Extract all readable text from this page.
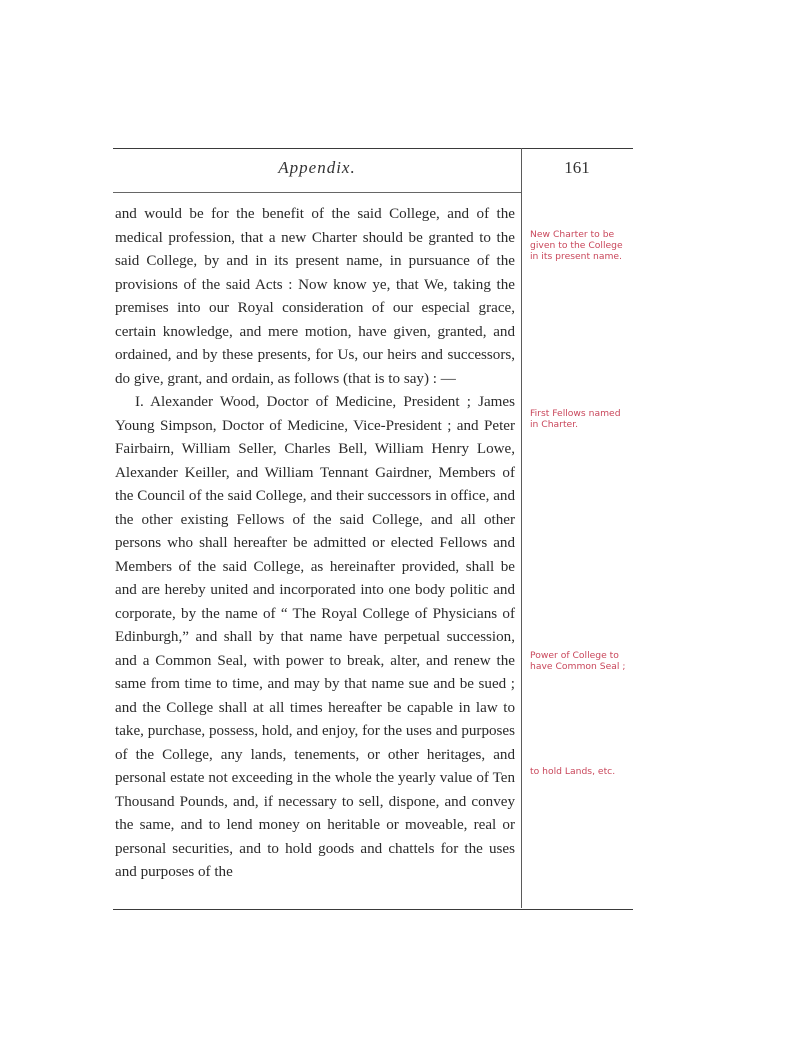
Appendix.	161

and would be for the benefit of the said College, and of the medical profession, that a new Charter should be granted to the said College, by and in its present name, in pursuance of the provisions of the said Acts : Now know ye, that We, taking the premises into our Royal consideration of our especial grace, certain knowledge, and mere motion, have given, granted, and ordained, and by these presents, for Us, our heirs and successors, do give, grant, and ordain, as follows (that is to say) : —

I. Alexander Wood, Doctor of Medicine, President ; James Young Simpson, Doctor of Medicine, Vice-President ; and Peter Fairbairn, William Seller, Charles Bell, William Henry Lowe, Alexander Keiller, and William Tennant Gairdner, Members of the Council of the said College, and their successors in office, and the other existing Fellows of the said College, and all other persons who shall hereafter be admitted or elected Fellows and Members of the said College, as hereinafter provided, shall be and are hereby united and incorporated into one body politic and corporate, by the name of “ The Royal College of Physicians of Edinburgh,” and shall by that name have perpetual succession, and a Common Seal, with power to break, alter, and renew the same from time to time, and may by that name sue and be sued ; and the College shall at all times hereafter be capable in law to take, purchase, possess, hold, and enjoy, for the uses and purposes of the College, any lands, tenements, or other heritages, and personal estate not exceeding in the whole the yearly value of Ten Thousand Pounds, and, if necessary to sell, dispone, and convey the same, and to lend money on heritable or moveable, real or personal securities, and to hold goods and chattels for the uses and purposes of the

New Charter to be given to the College in its present name.
First Fellows named in Charter.
Power of College to have Common Seal ;
to hold Lands, etc.
